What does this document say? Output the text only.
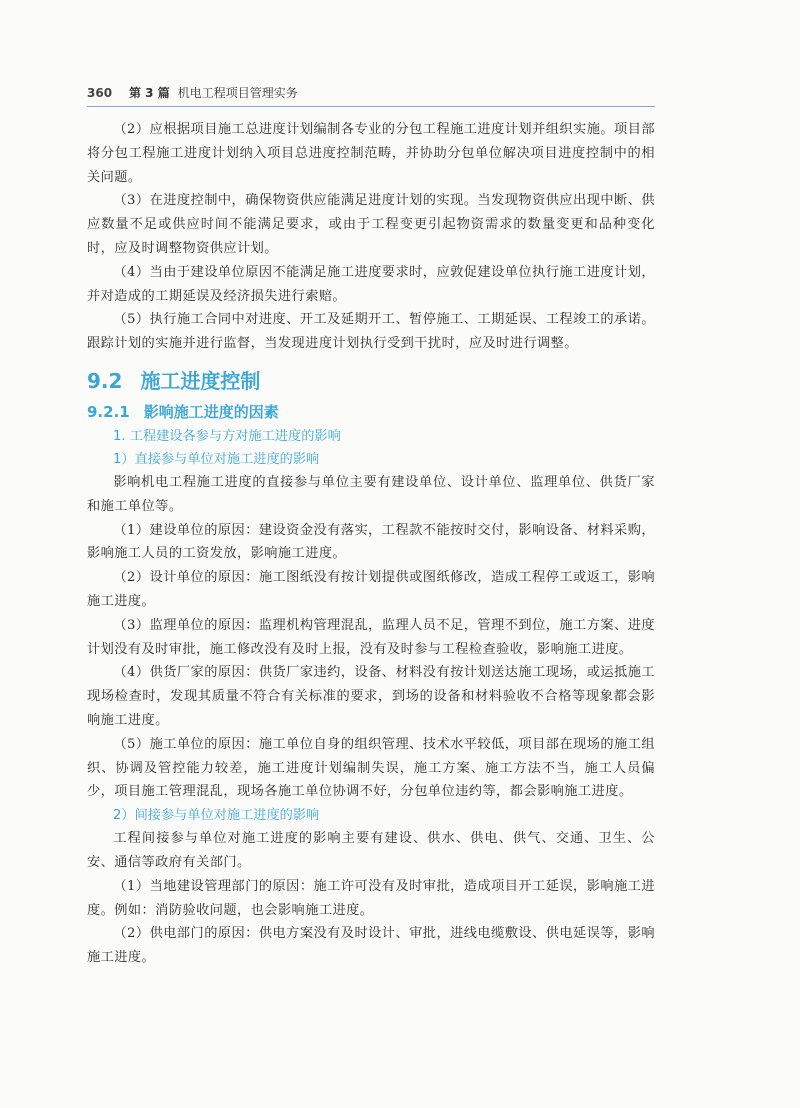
360 第 3 篇 机电工程项目管理实务

（2）应根据项目施工总进度计划编制各专业的分包工程施工进度计划并组织实施。项目部将分包工程施工进度计划纳入项目总进度控制范畴，并协助分包单位解决项目进度控制中的相关问题。

（3）在进度控制中，确保物资供应能满足进度计划的实现。当发现物资供应出现中断、供应数量不足或供应时间不能满足要求，或由于工程变更引起物资需求的数量变更和品种变化时，应及时调整物资供应计划。

（4）当由于建设单位原因不能满足施工进度要求时，应敦促建设单位执行施工进度计划，并对造成的工期延误及经济损失进行索赔。

（5）执行施工合同中对进度、开工及延期开工、暂停施工、工期延误、工程竣工的承诺。跟踪计划的实施并进行监督，当发现进度计划执行受到干扰时，应及时进行调整。

9.2 施工进度控制
9.2.1 影响施工进度的因素
1. 工程建设各参与方对施工进度的影响
1）直接参与单位对施工进度的影响

影响机电工程施工进度的直接参与单位主要有建设单位、设计单位、监理单位、供货厂家和施工单位等。

（1）建设单位的原因：建设资金没有落实，工程款不能按时交付，影响设备、材料采购，影响施工人员的工资发放，影响施工进度。

（2）设计单位的原因：施工图纸没有按计划提供或图纸修改，造成工程停工或返工，影响施工进度。

（3）监理单位的原因：监理机构管理混乱，监理人员不足，管理不到位，施工方案、进度计划没有及时审批，施工修改没有及时上报，没有及时参与工程检查验收，影响施工进度。

（4）供货厂家的原因：供货厂家违约，设备、材料没有按计划送达施工现场，或运抵施工现场检查时，发现其质量不符合有关标准的要求，到场的设备和材料验收不合格等现象都会影响施工进度。

（5）施工单位的原因：施工单位自身的组织管理、技术水平较低，项目部在现场的施工组织、协调及管控能力较差，施工进度计划编制失误，施工方案、施工方法不当，施工人员偏少，项目施工管理混乱，现场各施工单位协调不好，分包单位违约等，都会影响施工进度。

2）间接参与单位对施工进度的影响

工程间接参与单位对施工进度的影响主要有建设、供水、供电、供气、交通、卫生、公安、通信等政府有关部门。

（1）当地建设管理部门的原因：施工许可没有及时审批，造成项目开工延误，影响施工进度。例如：消防验收问题，也会影响施工进度。

（2）供电部门的原因：供电方案没有及时设计、审批，进线电缆敷设、供电延误等，影响施工进度。
